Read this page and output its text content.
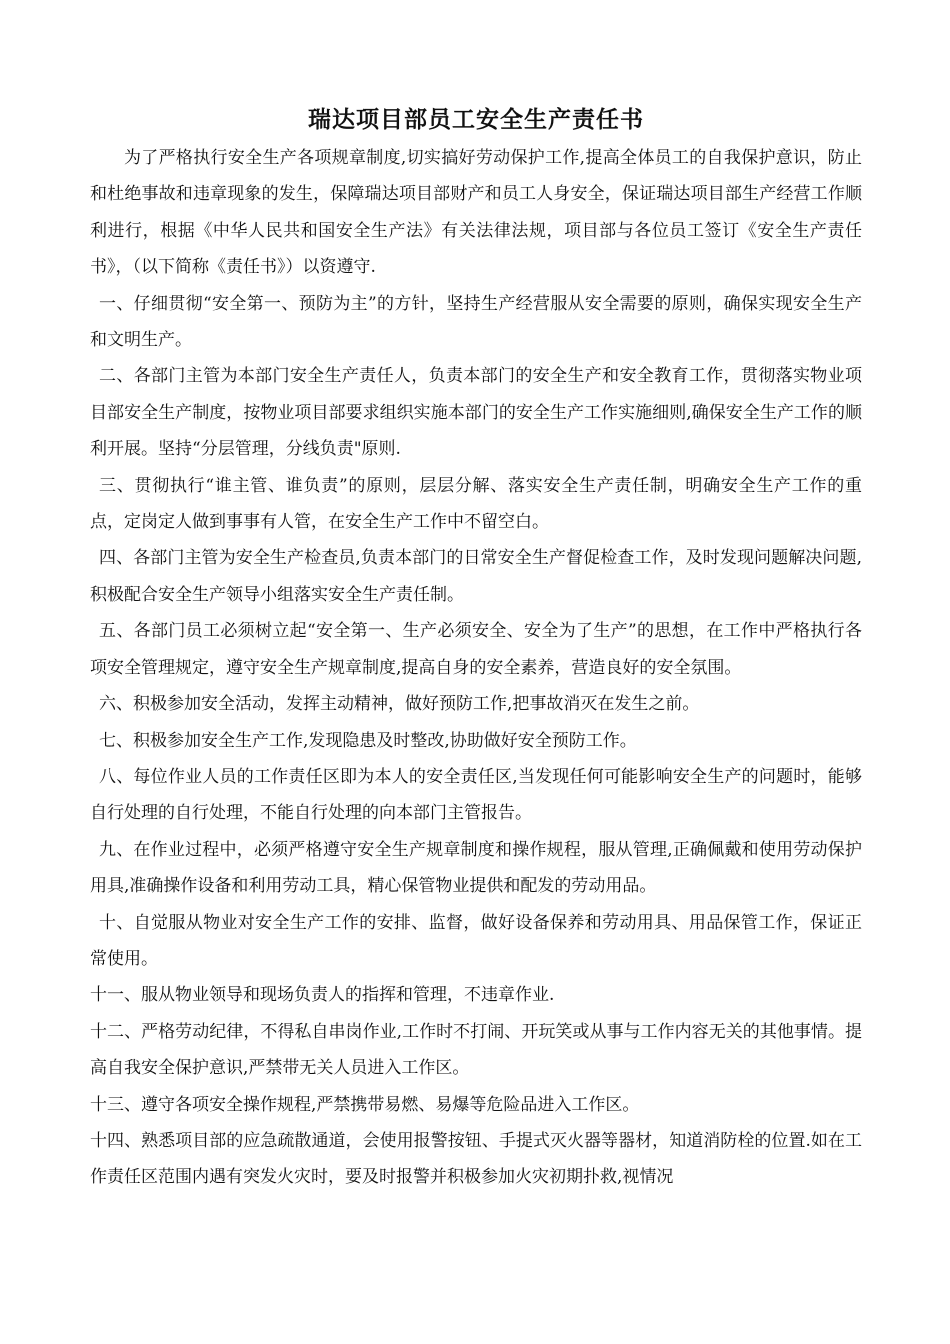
瑞达项目部员工安全生产责任书

为了严格执行安全生产各项规章制度,切实搞好劳动保护工作,提高全体员工的自我保护意识，防止和杜绝事故和违章现象的发生，保障瑞达项目部财产和员工人身安全，保证瑞达项目部生产经营工作顺利进行，根据《中华人民共和国安全生产法》有关法律法规，项目部与各位员工签订《安全生产责任书》，（以下简称《责任书》）以资遵守.

一、仔细贯彻“安全第一、预防为主”的方针，坚持生产经营服从安全需要的原则，确保实现安全生产和文明生产。

二、各部门主管为本部门安全生产责任人，负责本部门的安全生产和安全教育工作，贯彻落实物业项目部安全生产制度，按物业项目部要求组织实施本部门的安全生产工作实施细则,确保安全生产工作的顺利开展。坚持“分层管理，分线负责"原则.

三、贯彻执行“谁主管、谁负责”的原则，层层分解、落实安全生产责任制，明确安全生产工作的重点，定岗定人做到事事有人管，在安全生产工作中不留空白。

四、各部门主管为安全生产检查员,负责本部门的日常安全生产督促检查工作，及时发现问题解决问题,积极配合安全生产领导小组落实安全生产责任制。

五、各部门员工必须树立起“安全第一、生产必须安全、安全为了生产”的思想，在工作中严格执行各项安全管理规定，遵守安全生产规章制度,提高自身的安全素养，营造良好的安全氛围。

六、积极参加安全活动，发挥主动精神，做好预防工作,把事故消灭在发生之前。

七、积极参加安全生产工作,发现隐患及时整改,协助做好安全预防工作。

八、每位作业人员的工作责任区即为本人的安全责任区,当发现任何可能影响安全生产的问题时，能够自行处理的自行处理，不能自行处理的向本部门主管报告。

九、在作业过程中，必须严格遵守安全生产规章制度和操作规程，服从管理,正确佩戴和使用劳动保护用具,准确操作设备和利用劳动工具，精心保管物业提供和配发的劳动用品。

十、自觉服从物业对安全生产工作的安排、监督，做好设备保养和劳动用具、用品保管工作，保证正常使用。

十一、服从物业领导和现场负责人的指挥和管理，不违章作业.

十二、严格劳动纪律，不得私自串岗作业,工作时不打闹、开玩笑或从事与工作内容无关的其他事情。提高自我安全保护意识,严禁带无关人员进入工作区。

十三、遵守各项安全操作规程,严禁携带易燃、易爆等危险品进入工作区。

十四、熟悉项目部的应急疏散通道，会使用报警按钮、手提式灭火器等器材，知道消防栓的位置.如在工作责任区范围内遇有突发火灾时，要及时报警并积极参加火灾初期扑救,视情况
